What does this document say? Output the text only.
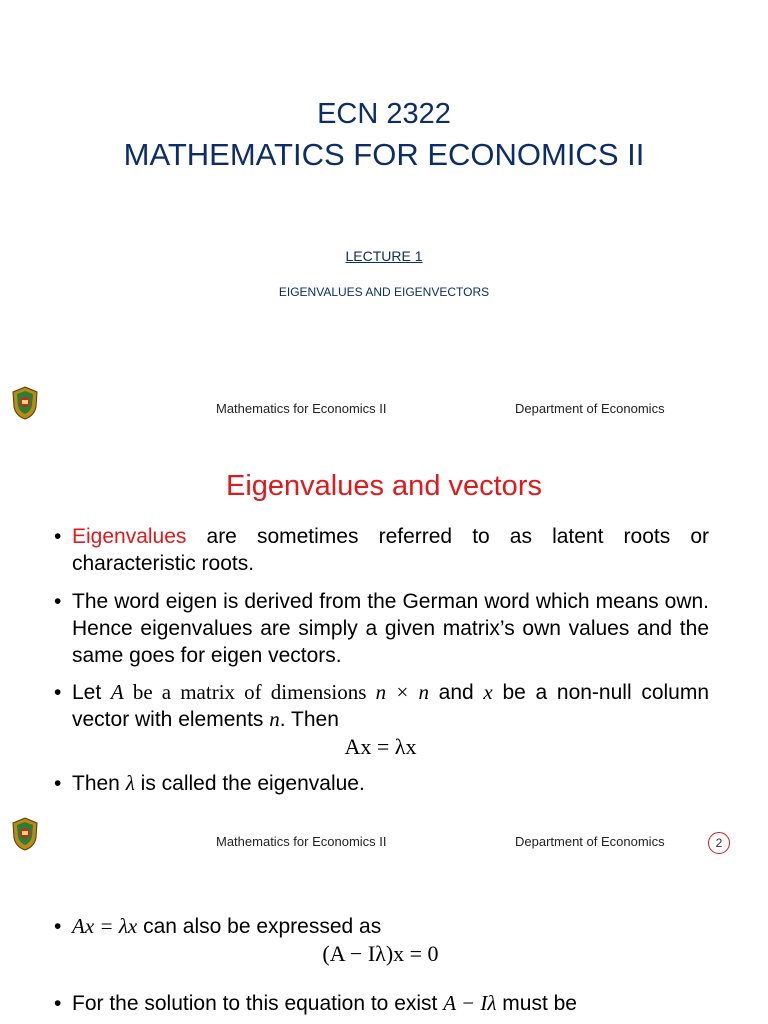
ECN 2322
MATHEMATICS FOR ECONOMICS II
LECTURE 1
EIGENVALUES AND EIGENVECTORS
Mathematics for Economics II	Department of Economics
Eigenvalues and vectors
• Eigenvalues are sometimes referred to as latent roots or characteristic roots.
• The word eigen is derived from the German word which means own. Hence eigenvalues are simply a given matrix’s own values and the same goes for eigen vectors.
• Let A be a matrix of dimensions n × n and x be a non-null column vector with elements n. Then
Ax = λx
• Then λ is called the eigenvalue.
Mathematics for Economics II	Department of Economics	2
• Ax = λx can also be expressed as
(A − Iλ)x = 0
• For the solution to this equation to exist A − Iλ must be
